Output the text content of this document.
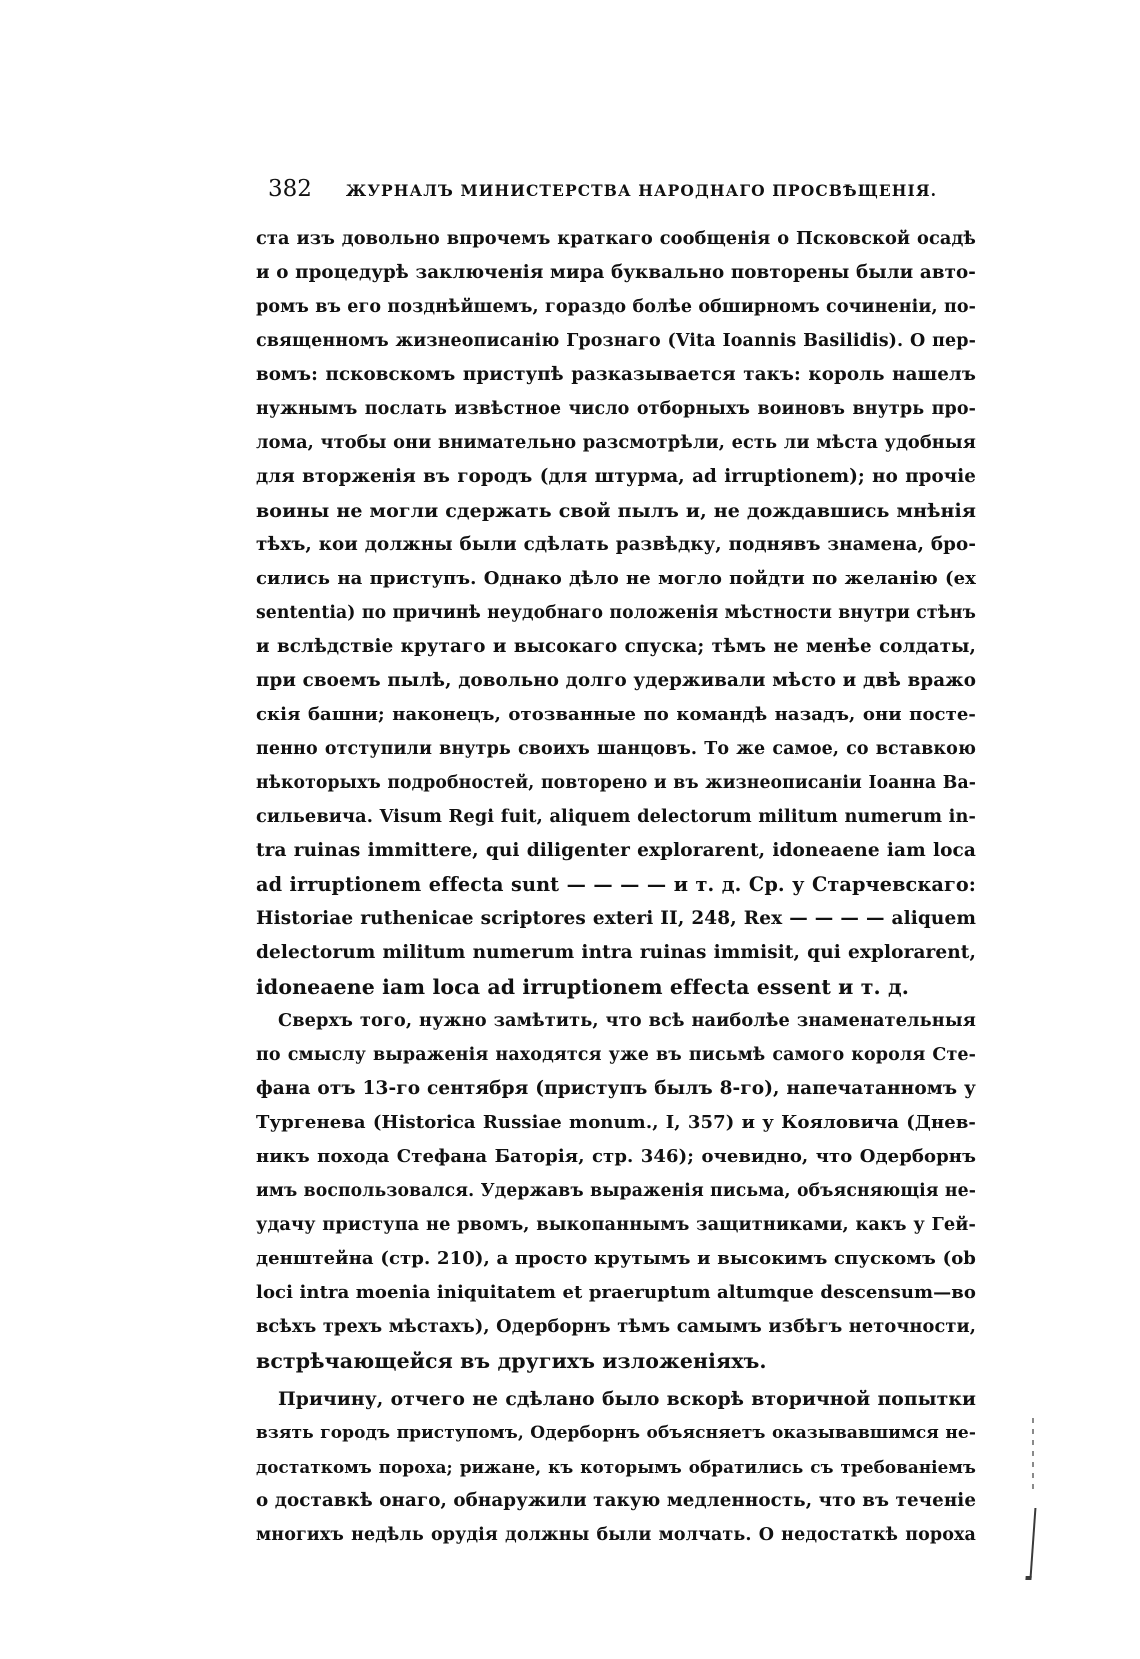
382 ЖУРНАЛЪ МИНИСТЕРСТВА НАРОДНАГО ПРОСВѢЩЕНІЯ.
ста изъ довольно впрочемъ краткаго сообщенія о Псковской осадѣ
и о процедурѣ заключенія мира буквально повторены были авто-
ромъ въ его позднѣйшемъ, гораздо болѣе обширномъ сочиненіи, по-
священномъ жизнеописанію Грознаго (Vita Ioannis Basilidis). О пер-
вомъ: псковскомъ приступѣ разказывается такъ: король нашелъ
нужнымъ послать извѣстное число отборныхъ воиновъ внутрь про-
лома, чтобы они внимательно разсмотрѣли, есть ли мѣста удобныя
для вторженія въ городъ (для штурма, ad irruptionem); но прочіе
воины не могли сдержать свой пылъ и, не дождавшись мнѣнія
тѣхъ, кои должны были сдѣлать развѣдку, поднявъ знамена, бро-
сились на приступъ. Однако дѣло не могло пойдти по желанію (ex
sententia) по причинѣ неудобнаго положенія мѣстности внутри стѣнъ
и вслѣдствіе крутаго и высокаго спуска; тѣмъ не менѣе солдаты,
при своемъ пылѣ, довольно долго удерживали мѣсто и двѣ вражо
скія башни; наконецъ, отозванные по командѣ назадъ, они посте-
пенно отступили внутрь своихъ шанцовъ. То же самое, со вставкою
нѣкоторыхъ подробностей, повторено и въ жизнеописаніи Іоанна Ва-
сильевича. Visum Regi fuit, aliquem delectorum militum numerum in-
tra ruinas immittere, qui diligenter explorarent, idoneaene iam loca
ad irruptionem effecta sunt — — — — и т. д. Ср. у Старчевскаго:
Historiae ruthenicae scriptores exteri II, 248, Rex — — — — aliquem
delectorum militum numerum intra ruinas immisit, qui explorarent,
idoneaene iam loca ad irruptionem effecta essent и т. д.
Сверхъ того, нужно замѣтить, что всѣ наиболѣе знаменательныя
по смыслу выраженія находятся уже въ письмѣ самого короля Сте-
фана отъ 13-го сентября (приступъ былъ 8-го), напечатанномъ у
Тургенева (Historica Russiae monum., I, 357) и у Кояловича (Днев-
никъ похода Стефана Баторія, стр. 346); очевидно, что Одерборнъ
имъ воспользовался. Удержавъ выраженія письма, объясняющія не-
удачу приступа не рвомъ, выкопаннымъ защитниками, какъ у Гей-
денштейна (стр. 210), а просто крутымъ и высокимъ спускомъ (ob
loci intra moenia iniquitatem et praeruptum altumque descensum—во
всѣхъ трехъ мѣстахъ), Одерборнъ тѣмъ самымъ избѣгъ неточности,
встрѣчающейся въ другихъ изложеніяхъ.
Причину, отчего не сдѣлано было вскорѣ вторичной попытки
взять городъ приступомъ, Одерборнъ объясняетъ оказывавшимся не-
достаткомъ пороха; рижане, къ которымъ обратились съ требованіемъ
о доставкѣ онаго, обнаружили такую медленность, что въ теченіе
многихъ недѣль орудія должны были молчать. О недостаткѣ пороха
